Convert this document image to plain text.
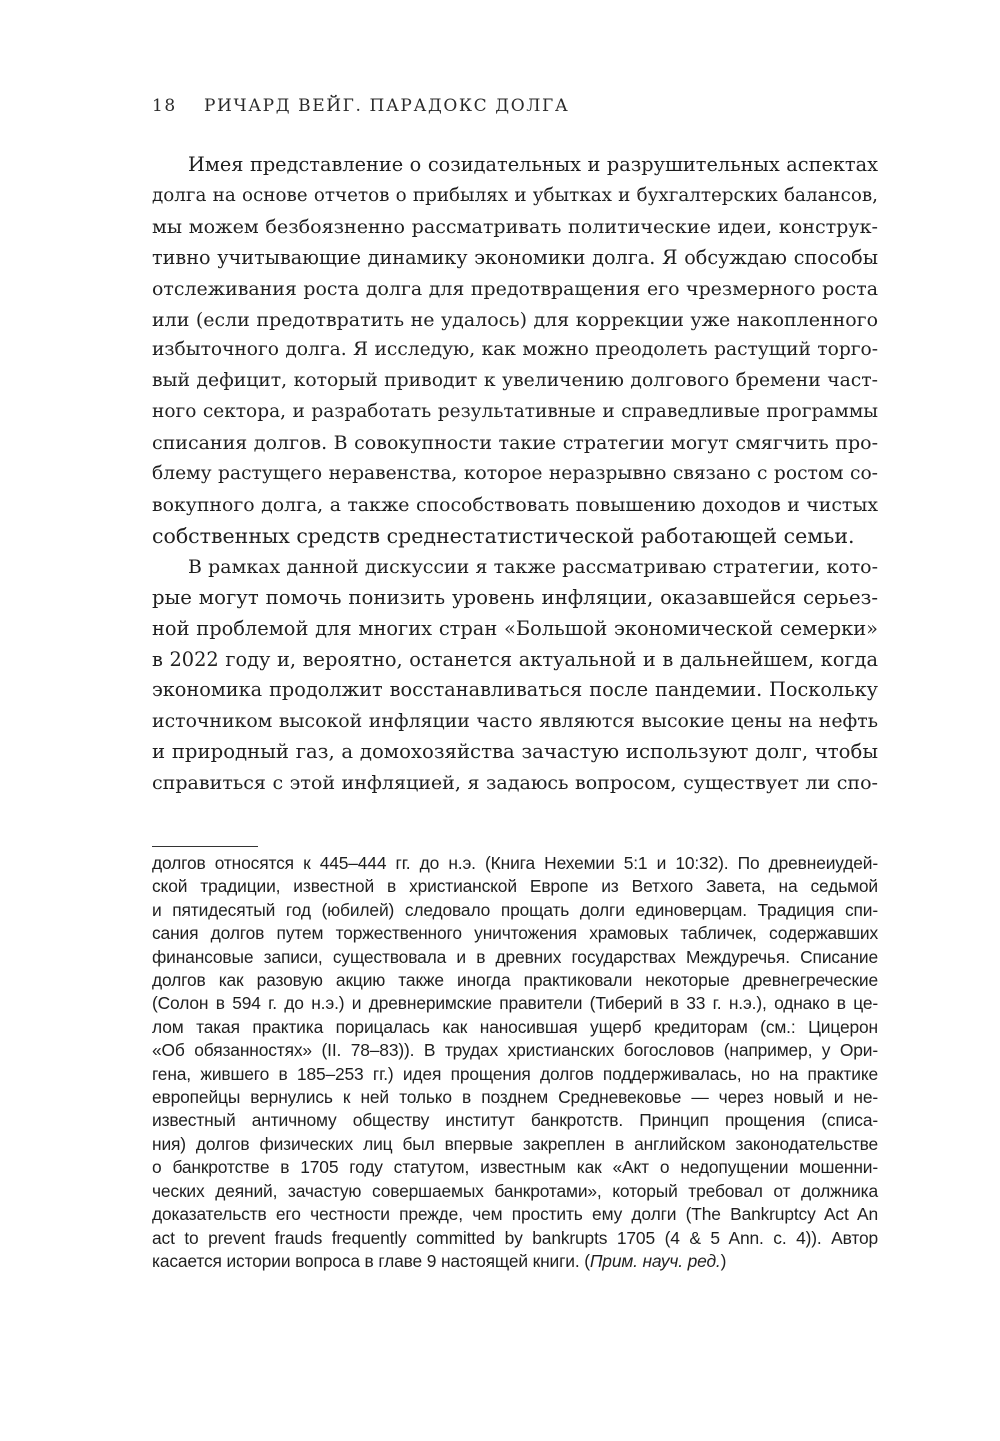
18 РИЧАРД ВЕЙГ. ПАРАДОКС ДОЛГА
Имея представление о созидательных и разрушительных аспектах
долга на основе отчетов о прибылях и убытках и бухгалтерских балансов,
мы можем безбоязненно рассматривать политические идеи, конструк-
тивно учитывающие динамику экономики долга. Я обсуждаю способы
отслеживания роста долга для предотвращения его чрезмерного роста
или (если предотвратить не удалось) для коррекции уже накопленного
избыточного долга. Я исследую, как можно преодолеть растущий торго-
вый дефицит, который приводит к увеличению долгового бремени част-
ного сектора, и разработать результативные и справедливые программы
списания долгов. В совокупности такие стратегии могут смягчить про-
блему растущего неравенства, которое неразрывно связано с ростом со-
вокупного долга, а также способствовать повышению доходов и чистых
собственных средств среднестатистической работающей семьи.
В рамках данной дискуссии я также рассматриваю стратегии, кото-
рые могут помочь понизить уровень инфляции, оказавшейся серьез-
ной проблемой для многих стран «Большой экономической семерки»
в 2022 году и, вероятно, останется актуальной и в дальнейшем, когда
экономика продолжит восстанавливаться после пандемии. Поскольку
источником высокой инфляции часто являются высокие цены на нефть
и природный газ, а домохозяйства зачастую используют долг, чтобы
справиться с этой инфляцией, я задаюсь вопросом, существует ли спо-
долгов относятся к 445–444 гг. до н.э. (Книга Нехемии 5:1 и 10:32). По древнеиудей-
ской традиции, известной в христианской Европе из Ветхого Завета, на седьмой
и пятидесятый год (юбилей) следовало прощать долги единоверцам. Традиция спи-
сания долгов путем торжественного уничтожения храмовых табличек, содержавших
финансовые записи, существовала и в древних государствах Междуречья. Списание
долгов как разовую акцию также иногда практиковали некоторые древнегреческие
(Солон в 594 г. до н.э.) и древнеримские правители (Тиберий в 33 г. н.э.), однако в це-
лом такая практика порицалась как наносившая ущерб кредиторам (см.: Цицерон
«Об обязанностях» (II. 78–83)). В трудах христианских богословов (например, у Ори-
гена, жившего в 185–253 гг.) идея прощения долгов поддерживалась, но на практике
европейцы вернулись к ней только в позднем Средневековье — через новый и не-
известный античному обществу институт банкротств. Принцип прощения (списа-
ния) долгов физических лиц был впервые закреплен в английском законодательстве
о банкротстве в 1705 году статутом, известным как «Акт о недопущении мошенни-
ческих деяний, зачастую совершаемых банкротами», который требовал от должника
доказательств его честности прежде, чем простить ему долги (The Bankruptcy Act An
act to prevent frauds frequently committed by bankrupts 1705 (4 & 5 Ann. c. 4)). Автор
касается истории вопроса в главе 9 настоящей книги. (Прим. науч. ред.)
